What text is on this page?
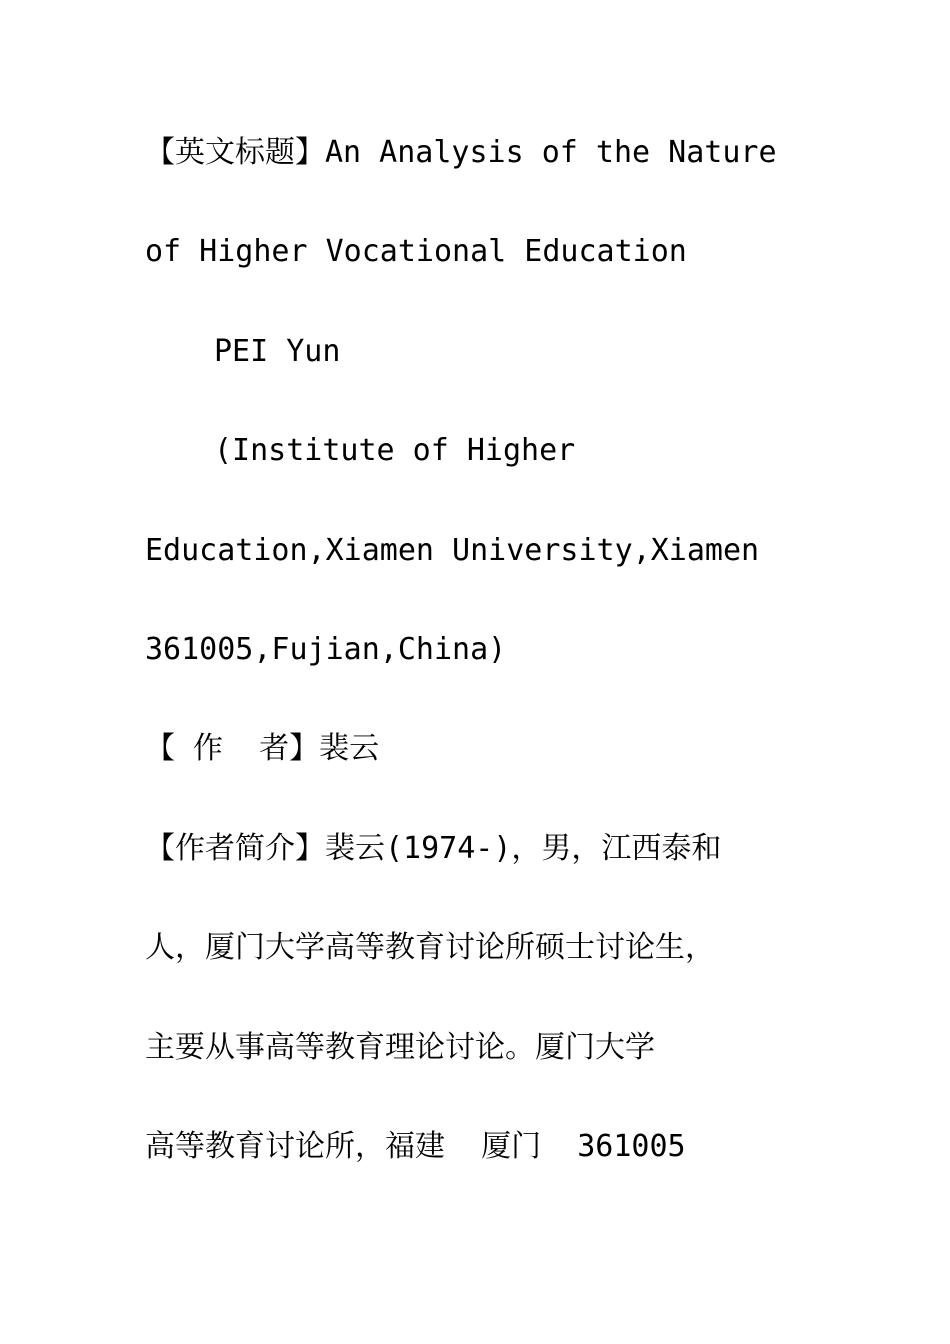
【英文标题】An Analysis of the Nature
of Higher Vocational Education
PEI Yun
(Institute of Higher
Education,Xiamen University,Xiamen
361005,Fujian,China)
【 作  者】裴云
【作者简介】裴云(1974-)，男，江西泰和
人，厦门大学高等教育讨论所硕士讨论生，
主要从事高等教育理论讨论。厦门大学
高等教育讨论所，福建  厦门  361005
